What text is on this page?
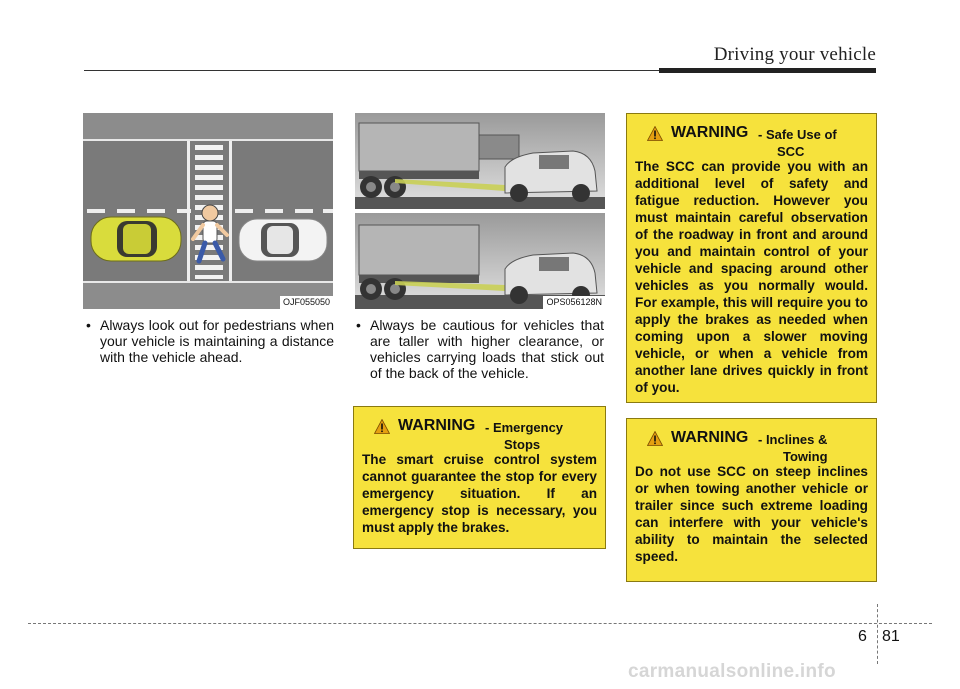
Driving your vehicle
OJF055050	OPS056128N
• Always look out for pedestrians when your vehicle is maintaining a distance with the vehicle ahead.
• Always be cautious for vehicles that are taller with higher clearance, or vehicles carrying loads that stick out of the back of the vehicle.
WARNING - Emergency
Stops
The smart cruise control system cannot guarantee the stop for every emergency situation. If an emergency stop is necessary, you must apply the brakes.
WARNING - Safe Use of
SCC
The SCC can provide you with an additional level of safety and fatigue reduction. However you must maintain careful observation of the roadway in front and around you and maintain control of your vehicle and spacing around other vehicles as you normally would. For example, this will require you to apply the brakes as needed when coming upon a slower moving vehicle, or when a vehicle from another lane drives quickly in front of you.
WARNING - Inclines &
Towing
Do not use SCC on steep inclines or when towing another vehicle or trailer since such extreme loading can interfere with your vehicle's ability to maintain the selected speed.
6 81
carmanualsonline.info
